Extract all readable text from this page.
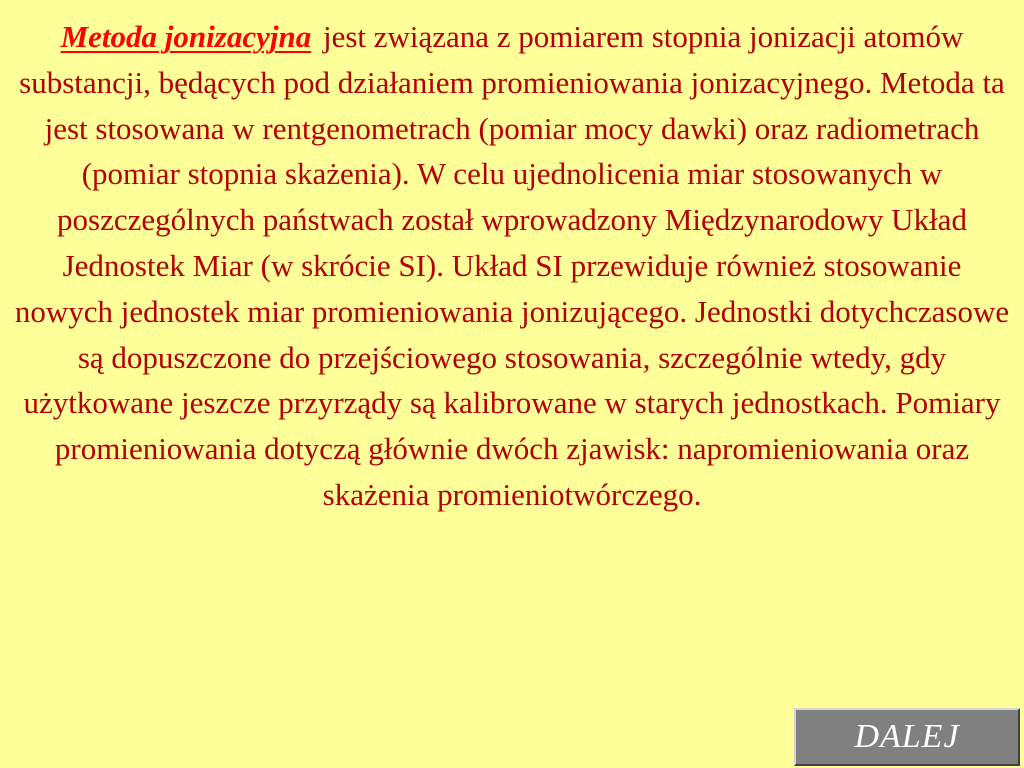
Metoda jonizacyjna jest związana z pomiarem stopnia jonizacji atomów substancji, będących pod działaniem promieniowania jonizacyjnego. Metoda ta jest stosowana w rentgenometrach (pomiar mocy dawki) oraz radiometrach (pomiar stopnia skażenia). W celu ujednolicenia miar stosowanych w poszczególnych państwach został wprowadzony Międzynarodowy Układ Jednostek Miar (w skrócie SI). Układ SI przewiduje również stosowanie nowych jednostek miar promieniowania jonizującego. Jednostki dotychczasowe są dopuszczone do przejściowego stosowania, szczególnie wtedy, gdy użytkowane jeszcze przyrządy są kalibrowane w starych jednostkach. Pomiary promieniowania dotyczą głównie dwóch zjawisk: napromieniowania oraz skażenia promieniotwórczego.

DALEJ
